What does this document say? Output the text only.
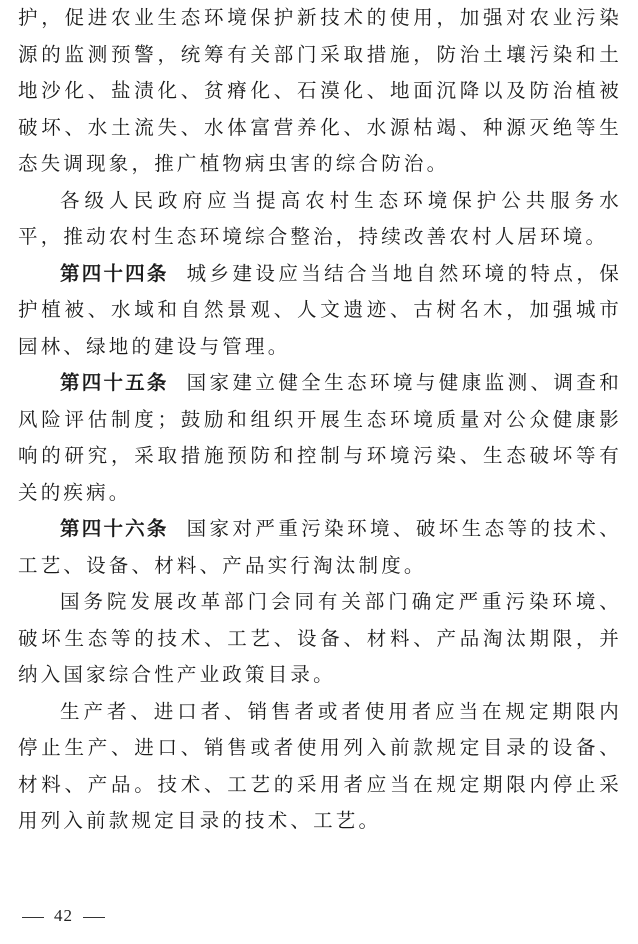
护，促进农业生态环境保护新技术的使用，加强对农业污染源的监测预警，统筹有关部门采取措施，防治土壤污染和土地沙化、盐渍化、贫瘠化、石漠化、地面沉降以及防治植被破坏、水土流失、水体富营养化、水源枯竭、种源灭绝等生态失调现象，推广植物病虫害的综合防治。

各级人民政府应当提高农村生态环境保护公共服务水平，推动农村生态环境综合整治，持续改善农村人居环境。

第四十四条 城乡建设应当结合当地自然环境的特点，保护植被、水域和自然景观、人文遗迹、古树名木，加强城市园林、绿地的建设与管理。

第四十五条 国家建立健全生态环境与健康监测、调查和风险评估制度；鼓励和组织开展生态环境质量对公众健康影响的研究，采取措施预防和控制与环境污染、生态破坏等有关的疾病。

第四十六条 国家对严重污染环境、破坏生态等的技术、工艺、设备、材料、产品实行淘汰制度。

国务院发展改革部门会同有关部门确定严重污染环境、破坏生态等的技术、工艺、设备、材料、产品淘汰期限，并纳入国家综合性产业政策目录。

生产者、进口者、销售者或者使用者应当在规定期限内停止生产、进口、销售或者使用列入前款规定目录的设备、材料、产品。技术、工艺的采用者应当在规定期限内停止采用列入前款规定目录的技术、工艺。

42
